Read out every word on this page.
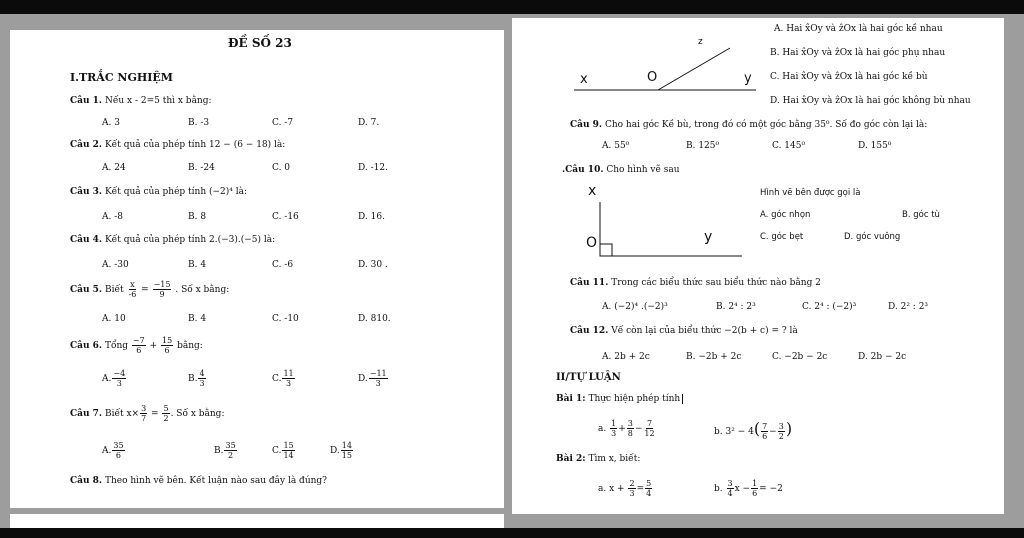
ĐỀ SỐ 23
I.TRẮC NGHIỆM
Câu 1. Nếu x - 2=5 thì x bằng:
A. 3	B. -3	C. -7	D. 7.
Câu 2. Kết quả của phép tính 12 − (6 − 18) là:
A. 24	B. -24	C. 0	D. -12.
Câu 3. Kết quả của phép tính (−2)⁴ là:
A. -8	B. 8	C. -16	D. 16.
Câu 4. Kết quả của phép tính 2.(−3).(−5) là:
A. -30	B. 4	C. -6	D. 30 .
Câu 5. Biết $\frac{x}{-6} = \frac{-15}{9}$ . Số x bằng:
A. 10	B. 4	C. -10	D. 810.
Câu 6. Tổng $\frac{-7}{6} + \frac{15}{6}$ bằng:
A. $\frac{-4}{3}$	B. $\frac{4}{3}$	C. $\frac{11}{3}$	D. $\frac{-11}{3}$
Câu 7. Biết $x\times \frac{3}{7} = \frac{5}{2}$ . Số x bằng:
A. $\frac{35}{6}$	B. $\frac{35}{2}$	C. $\frac{15}{14}$	D. $\frac{14}{15}$
Câu 8. Theo hình vẽ bên. Kết luận nào sau đây là đúng?
z
x	O	y
A. Hai x̂Oy và ẑOx là hai góc kề nhau
B. Hai x̂Oy và ẑOx là hai góc phụ nhau
C. Hai x̂Oy và ẑOx là hai góc kề bù
D. Hai x̂Oy và ẑOx là hai góc không bù nhau
Câu 9. Cho hai góc Kề bù, trong đó có một góc bằng 35⁰. Số đo góc còn lại là:
A. 55⁰	B. 125⁰	C. 145⁰	D. 155⁰
.Câu 10. Cho hình vẽ sau
x
O	y
Hình vẽ bên được gọi là
A. góc nhọn	B. góc tù
C. góc bẹt	D. góc vuông
Câu 11. Trong các biểu thức sau biểu thức nào bằng 2
A. (−2)⁴ .(−2)³	B. 2⁴ : 2³	C. 2⁴ : (−2)³	D. 2² : 2³
Câu 12. Vế còn lại của biểu thức −2(b + c) = ? là
A. 2b + 2c	B. −2b + 2c	C. −2b − 2c	D. 2b − 2c
II/TỰ LUẬN
Bài 1: Thực hiện phép tính
a. $\frac{1}{3} + \frac{3}{8} - \frac{7}{12}$	b. $3^2 - 4( \frac{7}{6} - \frac{3}{2}$ )
Bài 2: Tìm x, biết:
a. $x + \frac{2}{3} = \frac{5}{4}$	b. $\frac{3}{4}$ $x - \frac{1}{6} = -2$
